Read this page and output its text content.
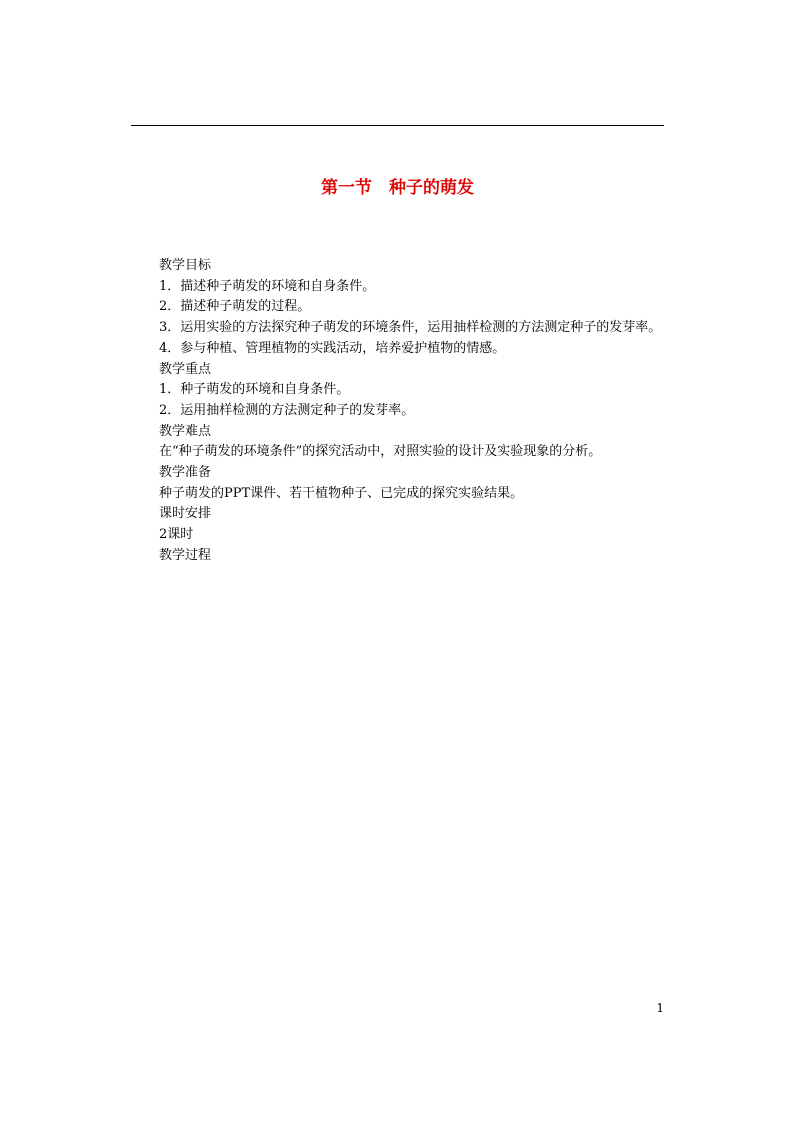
第一节　种子的萌发

教学目标

1．描述种子萌发的环境和自身条件。

2．描述种子萌发的过程。

3．运用实验的方法探究种子萌发的环境条件，运用抽样检测的方法测定种子的发芽率。

4．参与种植、管理植物的实践活动，培养爱护植物的情感。

教学重点

1．种子萌发的环境和自身条件。

2．运用抽样检测的方法测定种子的发芽率。

教学难点

在“种子萌发的环境条件”的探究活动中，对照实验的设计及实验现象的分析。

教学准备

种子萌发的PPT课件、若干植物种子、已完成的探究实验结果。

课时安排

2课时

教学过程

1
